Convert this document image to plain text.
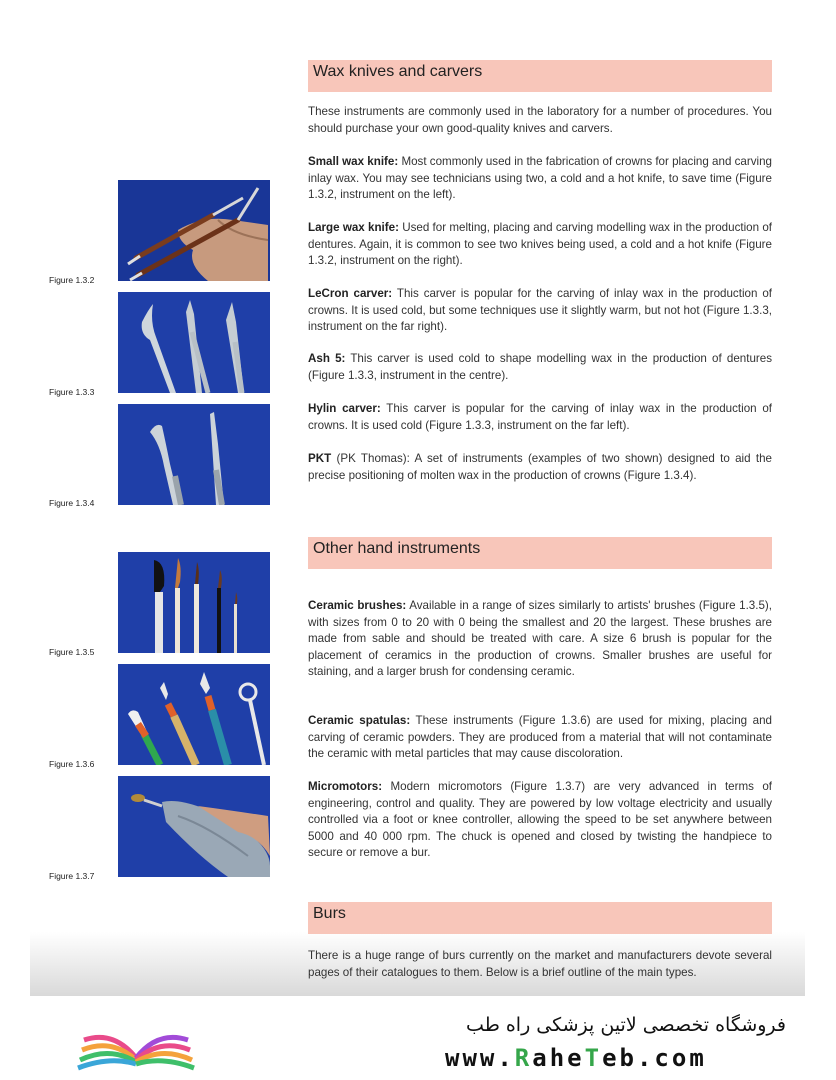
Wax knives and carvers

These instruments are commonly used in the laboratory for a number of procedures. You should purchase your own good-quality knives and carvers.

Small wax knife: Most commonly used in the fabrication of crowns for placing and carving inlay wax. You may see technicians using two, a cold and a hot knife, to save time (Figure 1.3.2, instrument on the left).

Large wax knife: Used for melting, placing and carving modelling wax in the production of dentures. Again, it is common to see two knives being used, a cold and a hot knife (Figure 1.3.2, instrument on the right).

LeCron carver: This carver is popular for the carving of inlay wax in the production of crowns. It is used cold, but some techniques use it slightly warm, but not hot (Figure 1.3.3, instrument on the far right).

Ash 5: This carver is used cold to shape modelling wax in the production of dentures (Figure 1.3.3, instrument in the centre).

Hylin carver: This carver is popular for the carving of inlay wax in the production of crowns. It is used cold (Figure 1.3.3, instrument on the far left).

PKT (PK Thomas): A set of instruments (examples of two shown) designed to aid the precise positioning of molten wax in the production of crowns (Figure 1.3.4).

Other hand instruments

Ceramic brushes: Available in a range of sizes similarly to artists' brushes (Figure 1.3.5), with sizes from 0 to 20 with 0 being the smallest and 20 the largest. These brushes are made from sable and should be treated with care. A size 6 brush is popular for the placement of ceramics in the production of crowns. Smaller brushes are useful for staining, and a larger brush for condensing ceramic.

Ceramic spatulas: These instruments (Figure 1.3.6) are used for mixing, placing and carving of ceramic powders. They are produced from a material that will not contaminate the ceramic with metal particles that may cause discoloration.

Micromotors: Modern micromotors (Figure 1.3.7) are very advanced in terms of engineering, control and quality. They are powered by low voltage electricity and usually controlled via a foot or knee controller, allowing the speed to be set anywhere between 5000 and 40 000 rpm. The chuck is opened and closed by twisting the handpiece to secure or remove a bur.

Burs

There is a huge range of burs currently on the market and manufacturers devote several pages of their catalogues to them. Below is a brief outline of the main types.

Figure 1.3.2
Figure 1.3.3
Figure 1.3.4
Figure 1.3.5
Figure 1.3.6
Figure 1.3.7
فروشگاه تخصصی لاتین پزشکی راه طب
www.RaheTeb.com
